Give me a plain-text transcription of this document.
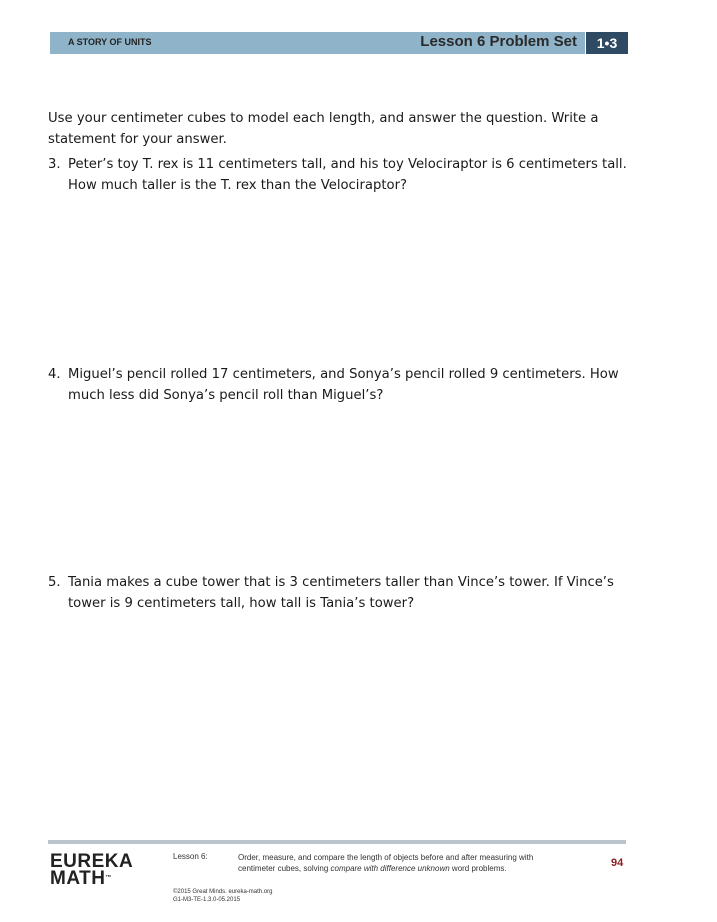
A STORY OF UNITS	Lesson 6 Problem Set	1•3
Use your centimeter cubes to model each length, and answer the question. Write a statement for your answer.
3. Peter’s toy T. rex is 11 centimeters tall, and his toy Velociraptor is 6 centimeters tall. How much taller is the T. rex than the Velociraptor?
4. Miguel’s pencil rolled 17 centimeters, and Sonya’s pencil rolled 9 centimeters. How much less did Sonya’s pencil roll than Miguel’s?
5. Tania makes a cube tower that is 3 centimeters taller than Vince’s tower. If Vince’s tower is 9 centimeters tall, how tall is Tania’s tower?
EUREKA
MATH™
Lesson 6:	Order, measure, and compare the length of objects before and after measuring with centimeter cubes, solving compare with difference unknown word problems.	94
©2015 Great Minds. eureka-math.org
G1-M3-TE-1.3.0-05.2015
